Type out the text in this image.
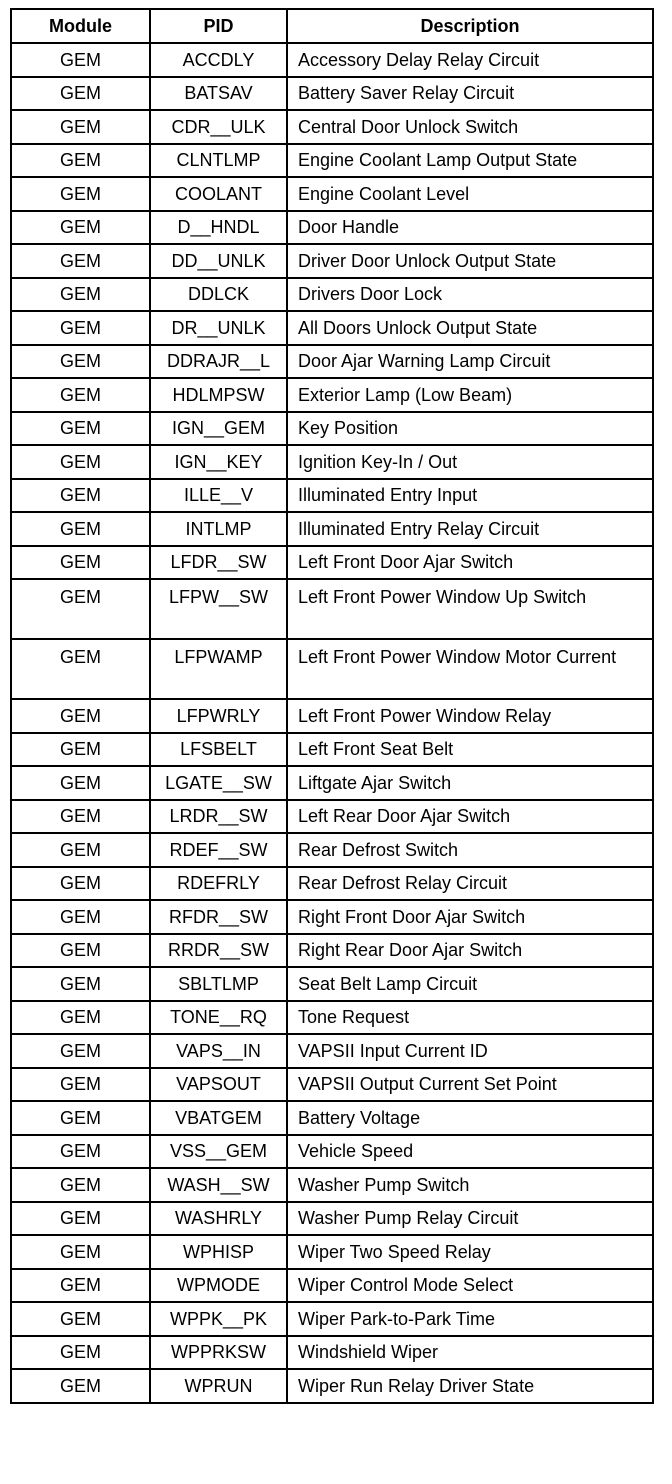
Module	PID	Description
GEM	ACCDLY	Accessory Delay Relay Circuit
GEM	BATSAV	Battery Saver Relay Circuit
GEM	CDR__ULK	Central Door Unlock Switch
GEM	CLNTLMP	Engine Coolant Lamp Output State
GEM	COOLANT	Engine Coolant Level
GEM	D__HNDL	Door Handle
GEM	DD__UNLK	Driver Door Unlock Output State
GEM	DDLCK	Drivers Door Lock
GEM	DR__UNLK	All Doors Unlock Output State
GEM	DDRAJR__L	Door Ajar Warning Lamp Circuit
GEM	HDLMPSW	Exterior Lamp (Low Beam)
GEM	IGN__GEM	Key Position
GEM	IGN__KEY	Ignition Key-In / Out
GEM	ILLE__V	Illuminated Entry Input
GEM	INTLMP	Illuminated Entry Relay Circuit
GEM	LFDR__SW	Left Front Door Ajar Switch
GEM	LFPW__SW	Left Front Power Window Up Switch
GEM	LFPWAMP	Left Front Power Window Motor Current
GEM	LFPWRLY	Left Front Power Window Relay
GEM	LFSBELT	Left Front Seat Belt
GEM	LGATE__SW	Liftgate Ajar Switch
GEM	LRDR__SW	Left Rear Door Ajar Switch
GEM	RDEF__SW	Rear Defrost Switch
GEM	RDEFRLY	Rear Defrost Relay Circuit
GEM	RFDR__SW	Right Front Door Ajar Switch
GEM	RRDR__SW	Right Rear Door Ajar Switch
GEM	SBLTLMP	Seat Belt Lamp Circuit
GEM	TONE__RQ	Tone Request
GEM	VAPS__IN	VAPSII Input Current ID
GEM	VAPSOUT	VAPSII Output Current Set Point
GEM	VBATGEM	Battery Voltage
GEM	VSS__GEM	Vehicle Speed
GEM	WASH__SW	Washer Pump Switch
GEM	WASHRLY	Washer Pump Relay Circuit
GEM	WPHISP	Wiper Two Speed Relay
GEM	WPMODE	Wiper Control Mode Select
GEM	WPPK__PK	Wiper Park-to-Park Time
GEM	WPPRKSW	Windshield Wiper
GEM	WPRUN	Wiper Run Relay Driver State
